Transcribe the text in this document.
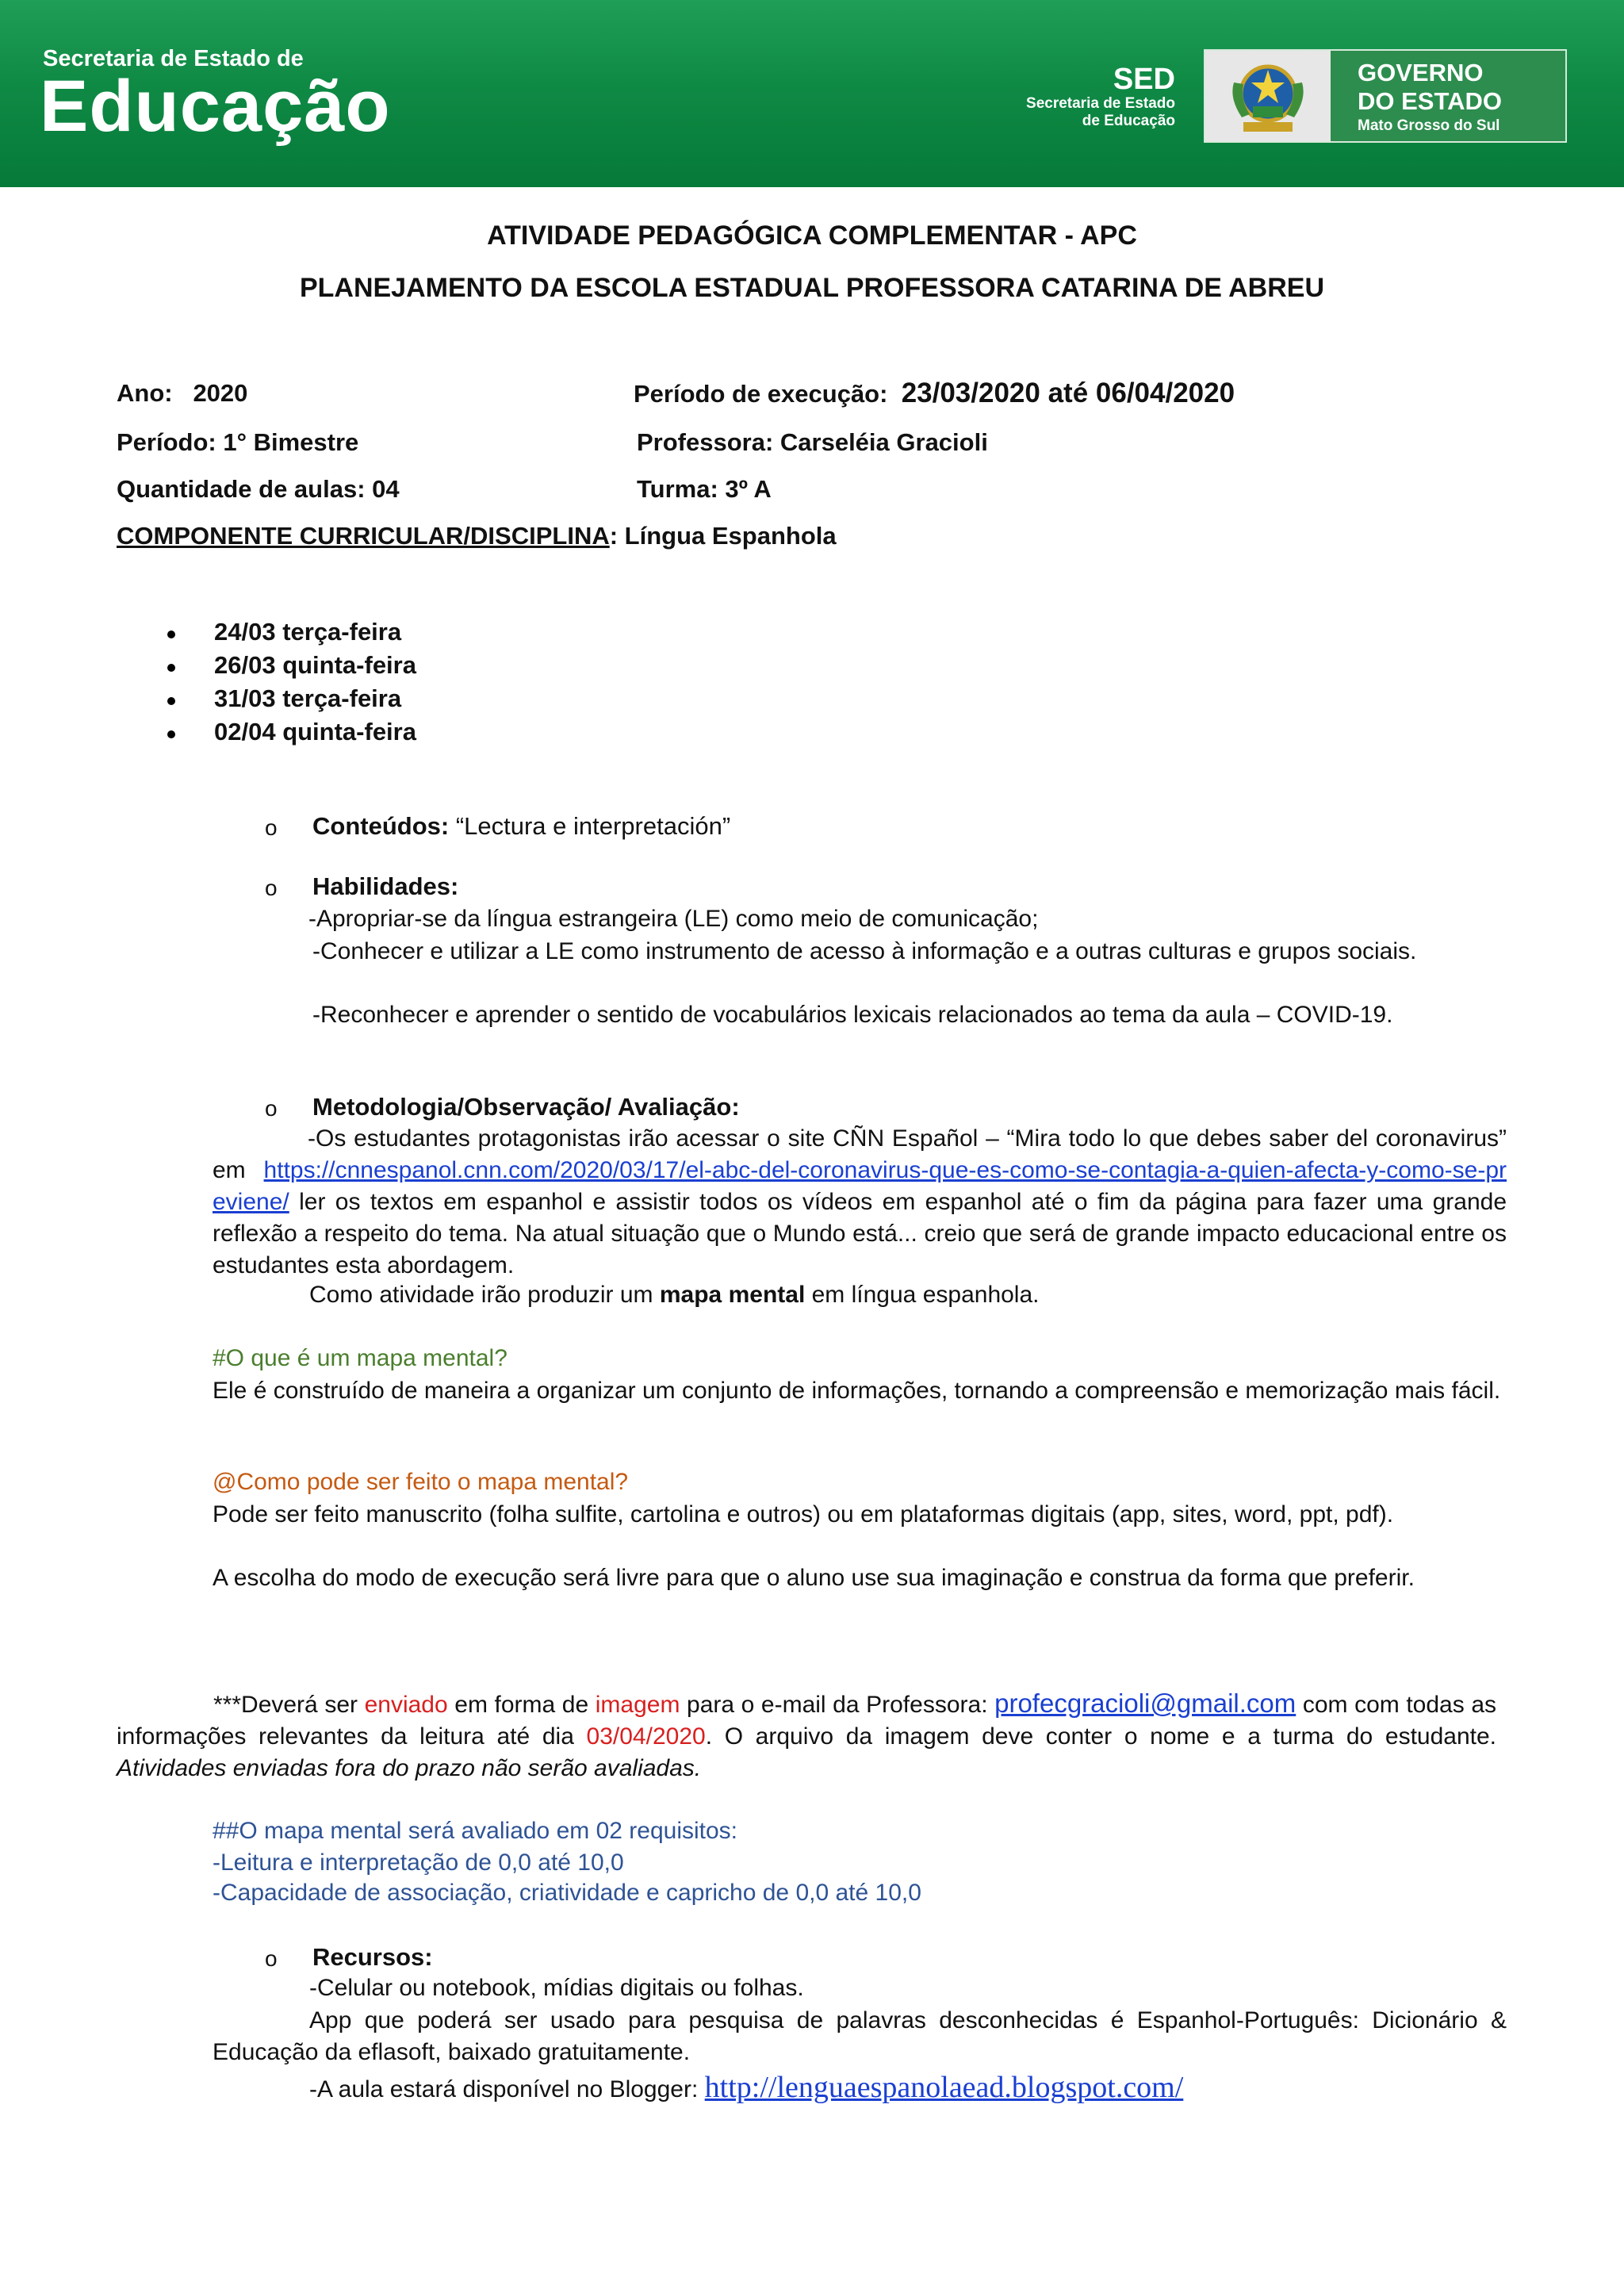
Secretaria de Estado de
Educação	SED
Secretaria de Estado
de Educação
GOVERNO
DO ESTADO
Mato Grosso do Sul
ATIVIDADE PEDAGÓGICA COMPLEMENTAR - APC
PLANEJAMENTO DA ESCOLA ESTADUAL PROFESSORA CATARINA DE ABREU
Ano: 2020	Período de execução: 23/03/2020 até 06/04/2020
Período: 1° Bimestre	Professora: Carseléia Gracioli
Quantidade de aulas: 04	Turma: 3º A
COMPONENTE CURRICULAR/DISCIPLINA: Língua Espanhola
24/03 terça-feira
26/03 quinta-feira
31/03 terça-feira
02/04 quinta-feira
o Conteúdos: “Lectura e interpretación”
o Habilidades:
-Apropriar-se da língua estrangeira (LE) como meio de comunicação;
-Conhecer e utilizar a LE como instrumento de acesso à informação e a outras culturas e grupos sociais.
-Reconhecer e aprender o sentido de vocabulários lexicais relacionados ao tema da aula – COVID-19.
o Metodologia/Observação/ Avaliação:
-Os estudantes protagonistas irão acessar o site CÑN Español – “Mira todo lo que debes saber del coronavirus” em https://cnnespanol.cnn.com/2020/03/17/el-abc-del-coronavirus-que-es-como-se-contagia-a-quien-afecta-y-como-se-previene/ ler os textos em espanhol e assistir todos os vídeos em espanhol até o fim da página para fazer uma grande reflexão a respeito do tema. Na atual situação que o Mundo está... creio que será de grande impacto educacional entre os estudantes esta abordagem.
Como atividade irão produzir um mapa mental em língua espanhola.
#O que é um mapa mental?
Ele é construído de maneira a organizar um conjunto de informações, tornando a compreensão e memorização mais fácil.
@Como pode ser feito o mapa mental?
Pode ser feito manuscrito (folha sulfite, cartolina e outros) ou em plataformas digitais (app, sites, word, ppt, pdf).
A escolha do modo de execução será livre para que o aluno use sua imaginação e construa da forma que preferir.
***Deverá ser enviado em forma de imagem para o e-mail da Professora: profecgracioli@gmail.com com com todas as informações relevantes da leitura até dia 03/04/2020. O arquivo da imagem deve conter o nome e a turma do estudante. Atividades enviadas fora do prazo não serão avaliadas.
##O mapa mental será avaliado em 02 requisitos:
-Leitura e interpretação de 0,0 até 10,0
-Capacidade de associação, criatividade e capricho de 0,0 até 10,0
o Recursos:
-Celular ou notebook, mídias digitais ou folhas.
App que poderá ser usado para pesquisa de palavras desconhecidas é Espanhol-Português: Dicionário & Educação da eflasoft, baixado gratuitamente.
-A aula estará disponível no Blogger: http://lenguaespanolaead.blogspot.com/
